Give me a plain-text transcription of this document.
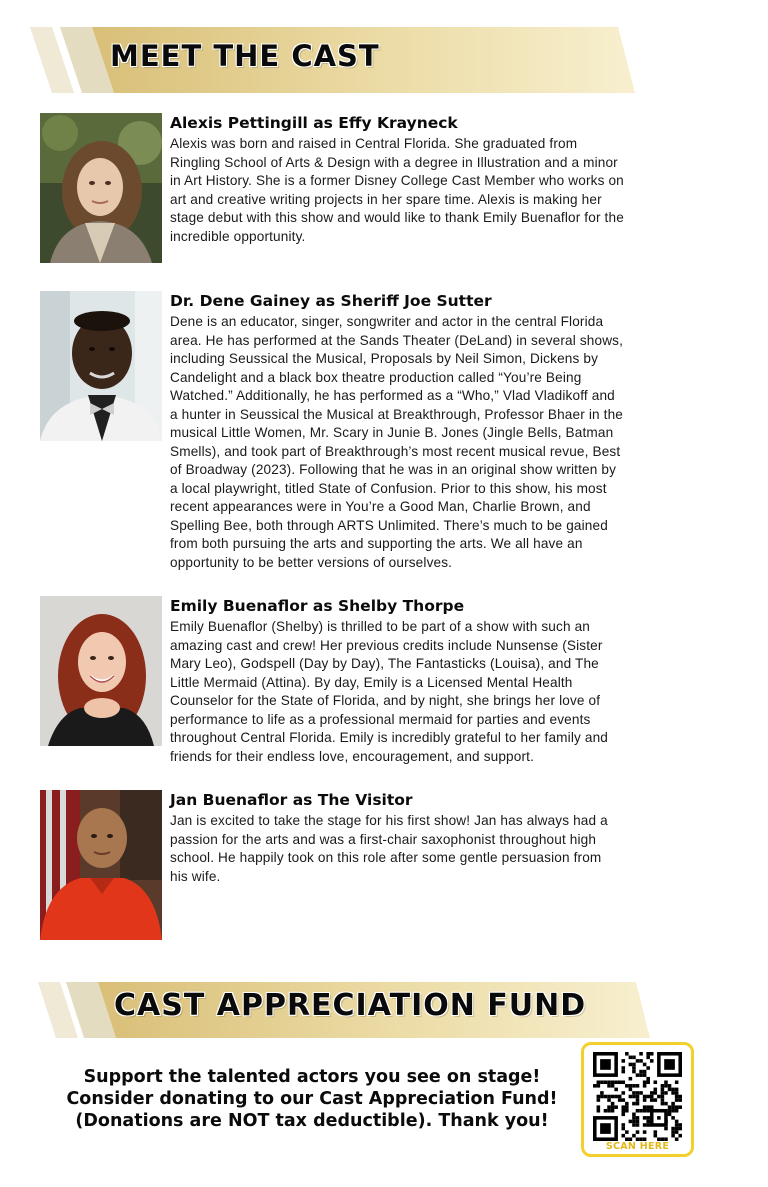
MEET THE CAST

Alexis Pettingill as Effy Krayneck

Alexis was born and raised in Central Florida. She graduated from
Ringling School of Arts & Design with a degree in Illustration and a minor
in Art History. She is a former Disney College Cast Member who works on
art and creative writing projects in her spare time. Alexis is making her
stage debut with this show and would like to thank Emily Buenaflor for the
incredible opportunity.

Dr. Dene Gainey as Sheriff Joe Sutter

Dene is an educator, singer, songwriter and actor in the central Florida
area. He has performed at the Sands Theater (DeLand) in several shows,
including Seussical the Musical, Proposals by Neil Simon, Dickens by
Candelight and a black box theatre production called “You’re Being
Watched.” Additionally, he has performed as a “Who,” Vlad Vladikoff and
a hunter in Seussical the Musical at Breakthrough, Professor Bhaer in the
musical Little Women, Mr. Scary in Junie B. Jones (Jingle Bells, Batman
Smells), and took part of Breakthrough’s most recent musical revue, Best
of Broadway (2023). Following that he was in an original show written by
a local playwright, titled State of Confusion. Prior to this show, his most
recent appearances were in You’re a Good Man, Charlie Brown, and
Spelling Bee, both through ARTS Unlimited. There’s much to be gained
from both pursuing the arts and supporting the arts. We all have an
opportunity to be better versions of ourselves.

Emily Buenaflor as Shelby Thorpe

Emily Buenaflor (Shelby) is thrilled to be part of a show with such an
amazing cast and crew! Her previous credits include Nunsense (Sister
Mary Leo), Godspell (Day by Day), The Fantasticks (Louisa), and The
Little Mermaid (Attina). By day, Emily is a Licensed Mental Health
Counselor for the State of Florida, and by night, she brings her love of
performance to life as a professional mermaid for parties and events
throughout Central Florida. Emily is incredibly grateful to her family and
friends for their endless love, encouragement, and support.

Jan Buenaflor as The Visitor

Jan is excited to take the stage for his first show! Jan has always had a
passion for the arts and was a first-chair saxophonist throughout high
school. He happily took on this role after some gentle persuasion from
his wife.
CAST APPRECIATION FUND
Support the talented actors you see on stage!
Consider donating to our Cast Appreciation Fund!
(Donations are NOT tax deductible). Thank you!
SCAN HERE
